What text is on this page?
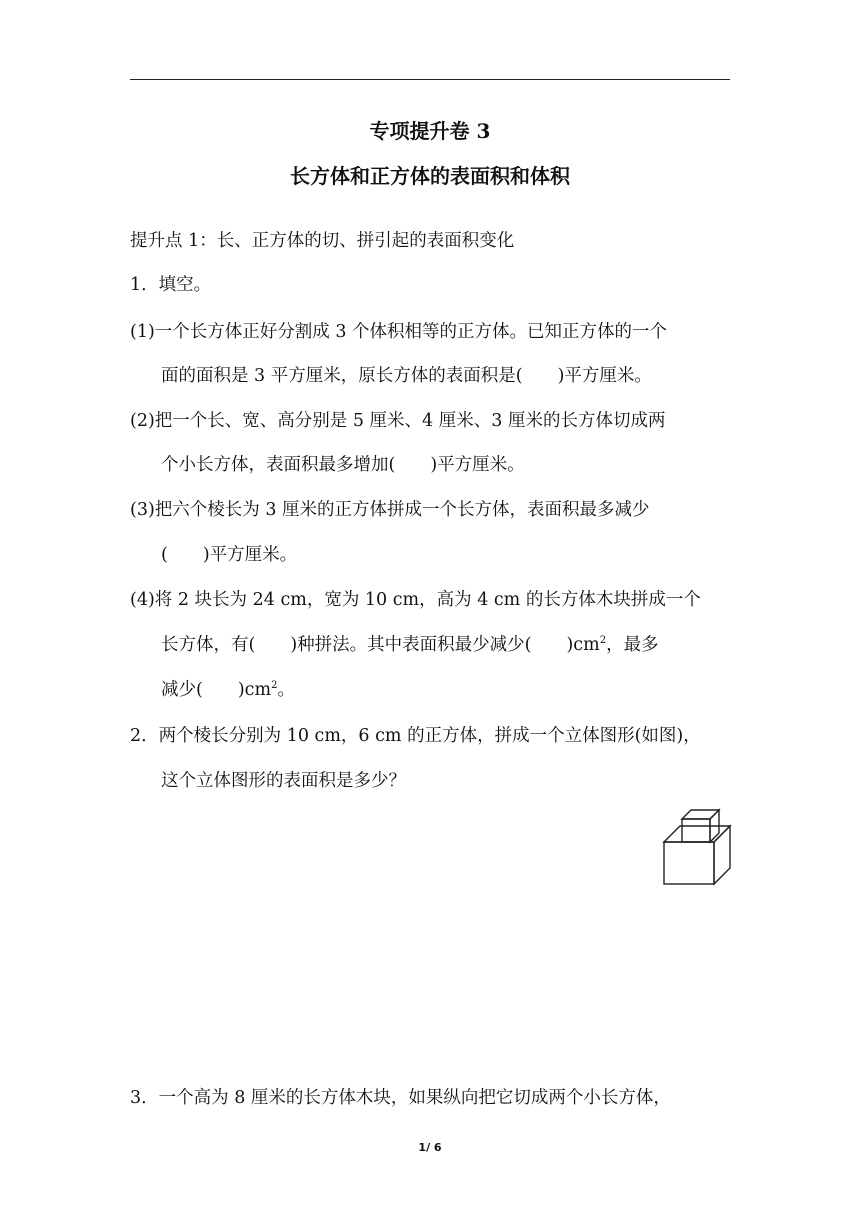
专项提升卷 3
长方体和正方体的表面积和体积
提升点 1：长、正方体的切、拼引起的表面积变化
1．填空。
(1)一个长方体正好分割成 3 个体积相等的正方体。已知正方体的一个
面的面积是 3 平方厘米，原长方体的表面积是(　　)平方厘米。
(2)把一个长、宽、高分别是 5 厘米、4 厘米、3 厘米的长方体切成两
个小长方体，表面积最多增加(　　)平方厘米。
(3)把六个棱长为 3 厘米的正方体拼成一个长方体，表面积最多减少
(　　)平方厘米。
(4)将 2 块长为 24 cm，宽为 10 cm，高为 4 cm 的长方体木块拼成一个
长方体，有(　　)种拼法。其中表面积最少减少(　　)$cm^2$，最多
减少(　　)$cm^2$。
2．两个棱长分别为 10 cm，6 cm 的正方体，拼成一个立体图形(如图)，
这个立体图形的表面积是多少？
3．一个高为 8 厘米的长方体木块，如果纵向把它切成两个小长方体，
1/ 6
